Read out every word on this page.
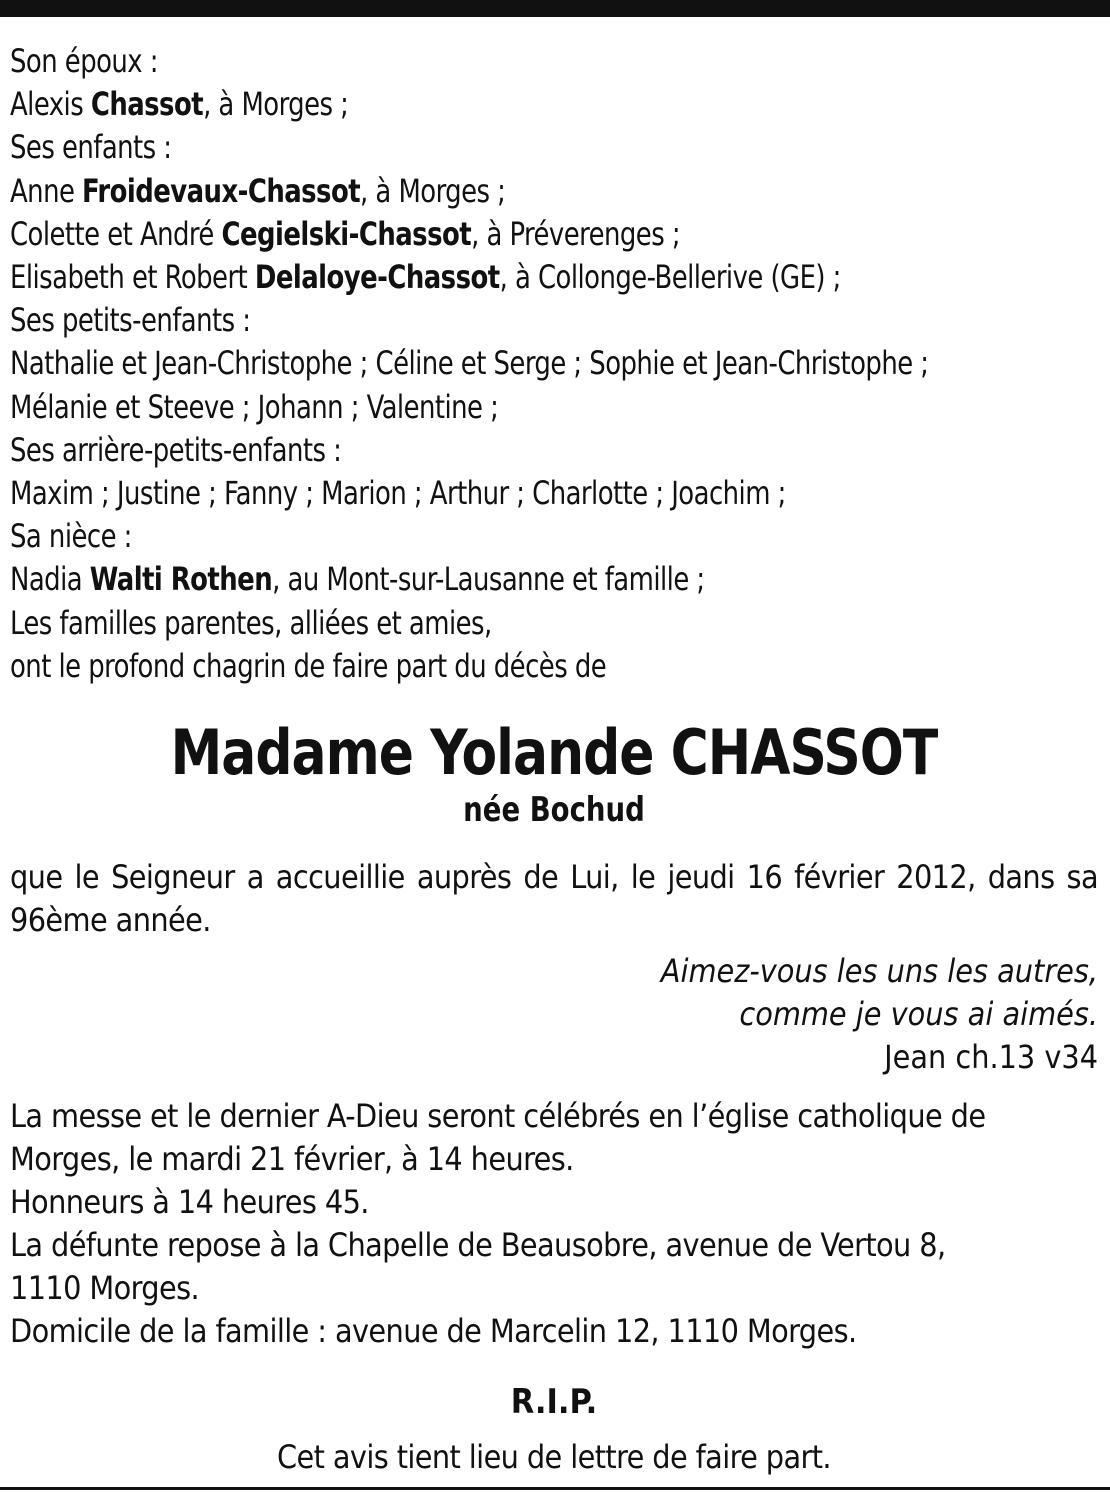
Son époux :
Alexis Chassot, à Morges ;
Ses enfants :
Anne Froidevaux-Chassot, à Morges ;
Colette et André Cegielski-Chassot, à Préverenges ;
Elisabeth et Robert Delaloye-Chassot, à Collonge-Bellerive (GE) ;
Ses petits-enfants :
Nathalie et Jean-Christophe ; Céline et Serge ; Sophie et Jean-Christophe ;
Mélanie et Steeve ; Johann ; Valentine ;
Ses arrière-petits-enfants :
Maxim ; Justine ; Fanny ; Marion ; Arthur ; Charlotte ; Joachim ;
Sa nièce :
Nadia Walti Rothen, au Mont-sur-Lausanne et famille ;
Les familles parentes, alliées et amies,
ont le profond chagrin de faire part du décès de
Madame Yolande CHASSOT
née Bochud
que le Seigneur a accueillie auprès de Lui, le jeudi 16 février 2012, dans sa 96ème année.
Aimez-vous les uns les autres,
comme je vous ai aimés.
Jean ch.13 v34
La messe et le dernier A-Dieu seront célébrés en l’église catholique de
Morges, le mardi 21 février, à 14 heures.
Honneurs à 14 heures 45.
La défunte repose à la Chapelle de Beausobre, avenue de Vertou 8,
1110 Morges.
Domicile de la famille : avenue de Marcelin 12, 1110 Morges.
R.I.P.
Cet avis tient lieu de lettre de faire part.
